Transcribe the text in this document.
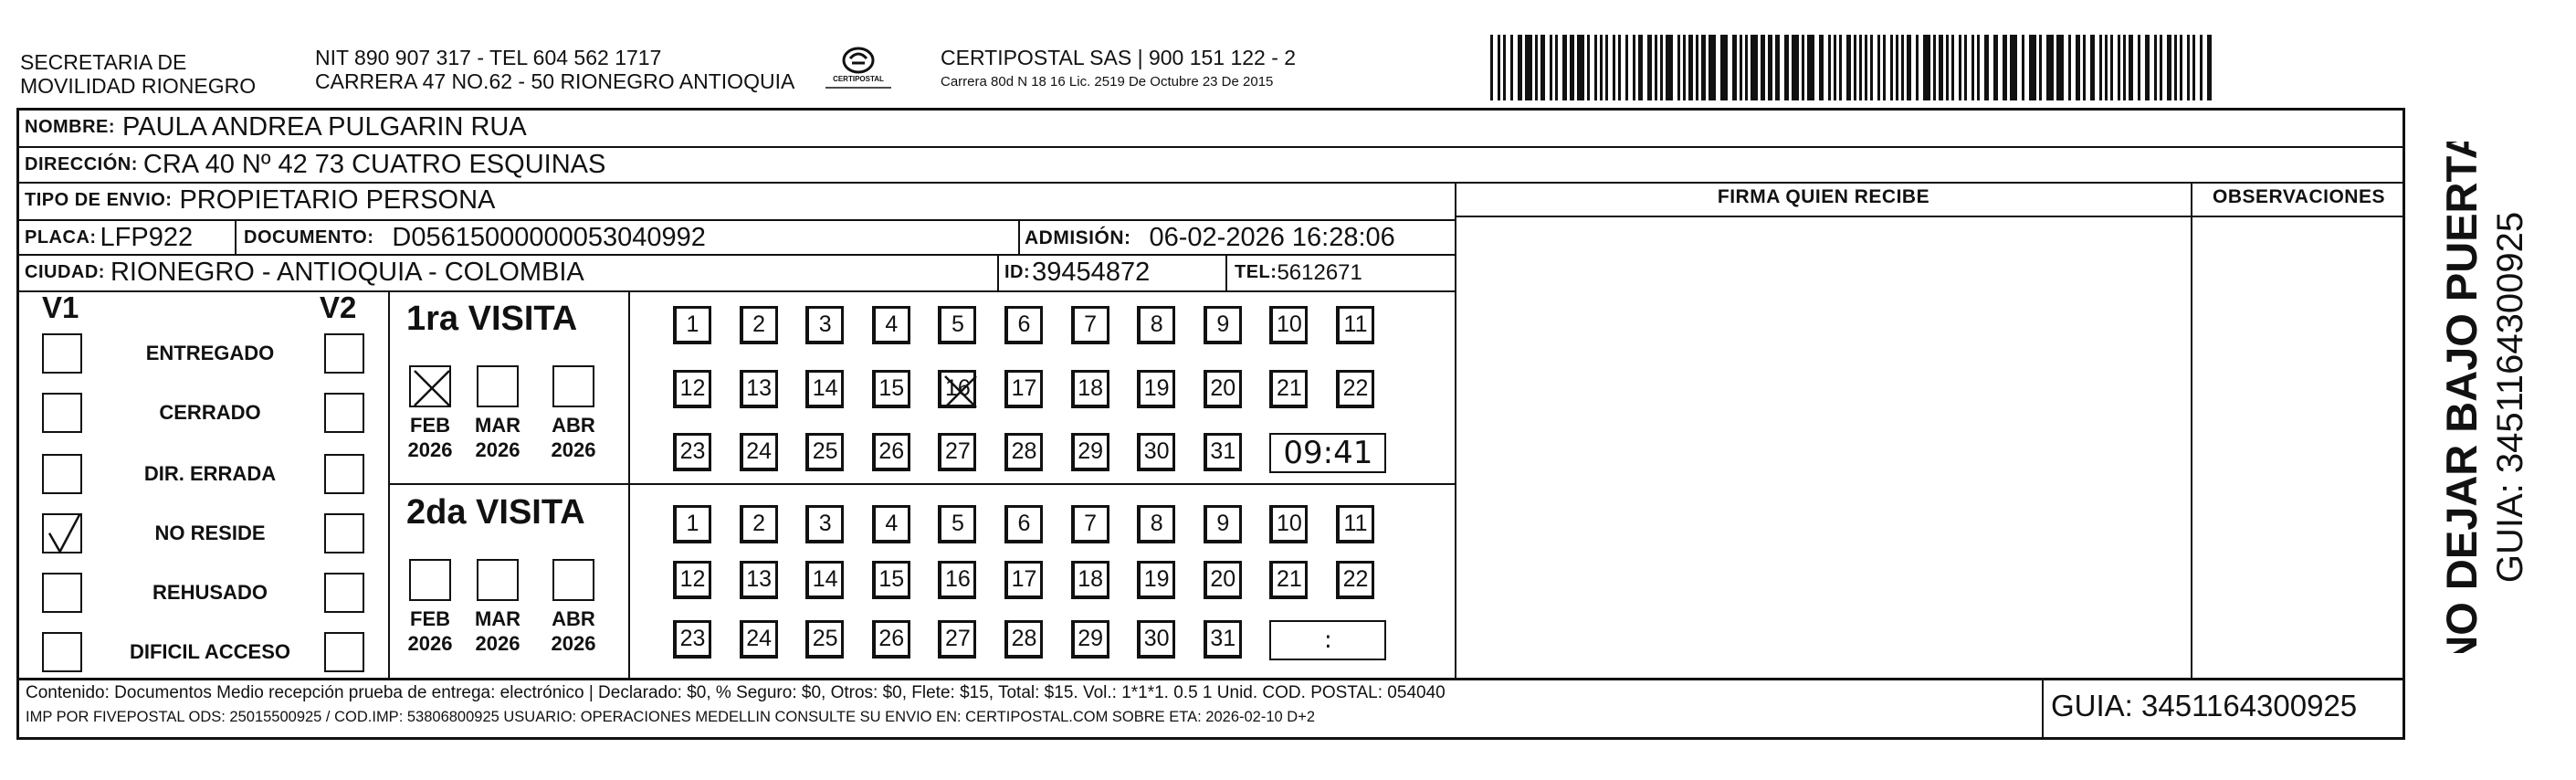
SECRETARIA DE
MOVILIDAD RIONEGRO
NIT 890 907 317 - TEL 604 562 1717
CARRERA 47 NO.62 - 50 RIONEGRO ANTIOQUIA	CERTIPOSTAL
CERTIPOSTAL SAS | 900 151 122 - 2
Carrera 80d N 18 16 Lic. 2519 De Octubre 23 De 2015
NOMBRE: PAULA ANDREA PULGARIN RUA
DIRECCIÓN: CRA 40 Nº 42 73 CUATRO ESQUINAS
TIPO DE ENVIO: PROPIETARIO PERSONA
PLACA: LFP922	DOCUMENTO: D05615000000053040992	ADMISIÓN: 06-02-2026 16:28:06
CIUDAD: RIONEGRO - ANTIOQUIA - COLOMBIA	ID: 39454872	TEL: 5612671
FIRMA QUIEN RECIBE	OBSERVACIONES
V1	V2
ENTREGADO
CERRADO
DIR. ERRADA
NO RESIDE
REHUSADO
DIFICIL ACCESO
1ra VISITA
2da VISITA
FEB
2026
MAR
2026
ABR
2026
FEB
2026
MAR
2026
ABR
2026
1	2	3	4	5	6	7	8	9	10	11
12	13	14	15	16	17	18	19	20	21	22
23	24	25	26	27	28	29	30	31	09:41
1	2	3	4	5	6	7	8	9	10	11
12	13	14	15	16	17	18	19	20	21	22
23	24	25	26	27	28	29	30	31	:
Contenido: Documentos Medio recepción prueba de entrega: electrónico | Declarado: $0, % Seguro: $0, Otros: $0, Flete: $15, Total: $15. Vol.: 1*1*1. 0.5 1 Unid. COD. POSTAL: 054040
IMP POR FIVEPOSTAL ODS: 25015500925 / COD.IMP: 53806800925 USUARIO: OPERACIONES MEDELLIN CONSULTE SU ENVIO EN: CERTIPOSTAL.COM SOBRE ETA: 2026-02-10 D+2	GUIA: 3451164300925
NO DEJAR BAJO PUERTA GUIA: 3451164300925
